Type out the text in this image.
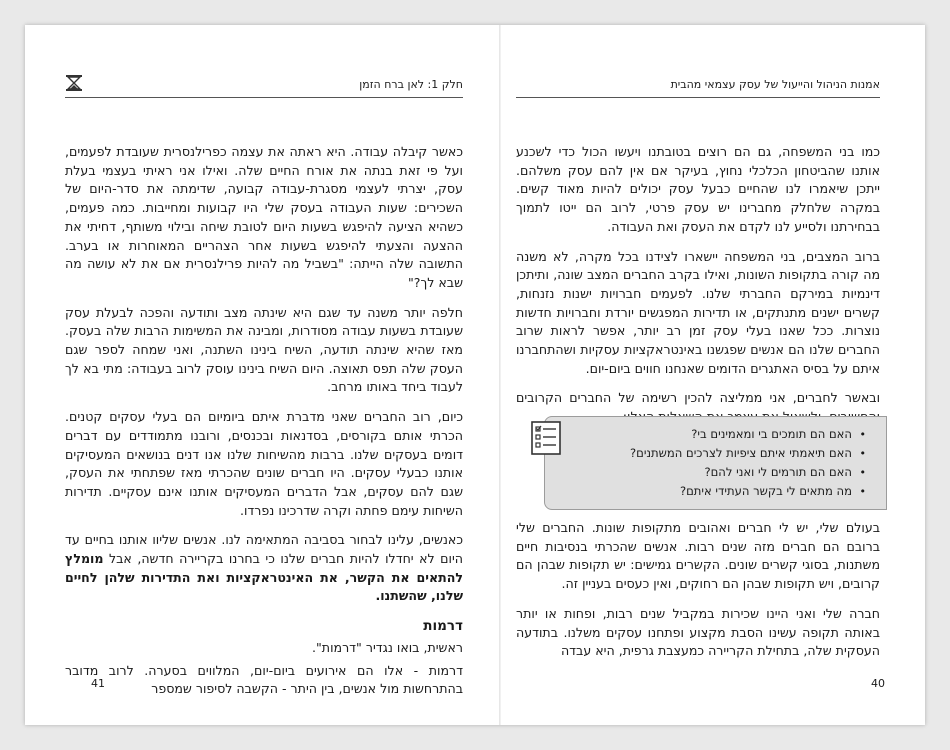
חלק 1: לאן ברח הזמן

כאשר קיבלה עבודה. היא ראתה את עצמה כפרילנסרית שעובדת לפעמים, ועל פי זאת בנתה את אורח החיים שלה. ואילו אני ראיתי בעצמי בעלת עסק, יצרתי לעצמי מסגרת-עבודה קבועה, שדימתה את סדר-היום של השכירים: שעות העבודה בעסק שלי היו קבועות ומחייבות. כמה פעמים, כשהיא הציעה להיפגש בשעות היום לטובת שיחה ובילוי משותף, דחיתי את ההצעה והצעתי להיפגש בשעות אחר הצהריים המאוחרות או בערב. התשובה שלה הייתה: "בשביל מה להיות פרילנסרית אם את לא עושה מה שבא לך?"

חלפה יותר משנה עד שגם היא שינתה מצב ותודעה והפכה לבעלת עסק שעובדת בשעות עבודה מסודרות, ומבינה את המשימות הרבות שלה בעסק. מאז שהיא שינתה תודעה, השיח בינינו השתנה, ואני שמחה לספר שגם העסק שלה תפס תאוצה. היום השיח בינינו עוסק לרוב בעבודה: מתי בא לך לעבוד ביחד באותו מרחב.

כיום, רוב החברים שאני מדברת איתם ביומיום הם בעלי עסקים קטנים. הכרתי אותם בקורסים, בסדנאות ובכנסים, ורובנו מתמודדים עם דברים דומים בעסקים שלנו. ברבות מהשיחות שלנו אנו דנים בנושאים המעסיקים אותנו כבעלי עסקים. היו חברים שונים שהכרתי מאז שפתחתי את העסק, שגם להם עסקים, אבל הדברים המעסיקים אותנו אינם עסקיים. תדירות השיחות עימם פחתה וקרה שדרכינו נפרדו.

כאנשים, עלינו לבחור בסביבה המתאימה לנו. אנשים שליוו אותנו בחיים עד היום לא יחדלו להיות חברים שלנו כי בחרנו בקריירה חדשה, אבל מומלץ להתאים את הקשר, את האינטראקציות ואת התדירות שלהן לחיים שלנו, שהשתנו.

דרמות

ראשית, בואו נגדיר "דרמות".

דרמות - אלו הם אירועים ביום-יום, המלווים בסערה. לרוב מדובר בהתרחשות מול אנשים, בין היתר - הקשבה לסיפור שמספר

41
אמנות הניהול והייעול של עסק עצמאי מהבית

כמו בני המשפחה, גם הם רוצים בטובתנו ויעשו הכול כדי לשכנע אותנו שהביטחון הכלכלי נחוץ, בעיקר אם אין להם עסק משלהם. ייתכן שיאמרו לנו שהחיים כבעל עסק יכולים להיות מאוד קשים. במקרה שלחלק מחברינו יש עסק פרטי, לרוב הם ייטו לתמוך בבחירתנו ולסייע לנו לקדם את העסק ואת העבודה.

ברוב המצבים, בני המשפחה יישארו לצידנו בכל מקרה, לא משנה מה קורה בתקופות השונות, ואילו בקרב החברים המצב שונה, ותיתכן דינמיות במירקם החברתי שלנו. לפעמים חברויות ישנות נזנחות, קשרים ישנים מתנתקים, או תדירות המפגשים יורדת וחברויות חדשות נוצרות. ככל שאנו בעלי עסק זמן רב יותר, אפשר לראות שרוב החברים שלנו הם אנשים שפגשנו באינטראקציות עסקיות ושהתחברנו איתם על בסיס האתגרים הדומים שאנחנו חווים ביום-יום.

ובאשר לחברים, אני ממליצה להכין רשימה של החברים הקרובים

• האם הם תומכים בי ומאמינים בי?
• האם תיאמתי איתם ציפיות לצרכים המשתנים?
• האם הם תורמים לי ואני להם?
• מה מתאים לי בקשר העתידי איתם?

בעולם שלי, יש לי חברים ואהובים מתקופות שונות. החברים שלי ברובם הם חברים מזה שנים רבות. אנשים שהכרתי בנסיבות חיים משתנות, בסוגי קשרים שונים. הקשרים גמישים: יש תקופות שבהן הם קרובים, ויש תקופות שבהן הם רחוקים, ואין כעסים בעניין זה.

חברה שלי ואני היינו שכירות במקביל שנים רבות, ופחות או יותר באותה תקופה עשינו הסבת מקצוע ופתחנו עסקים משלנו. בתודעה העסקית שלה, בתחילת הקריירה כמעצבת גרפית, היא עבדה

40
